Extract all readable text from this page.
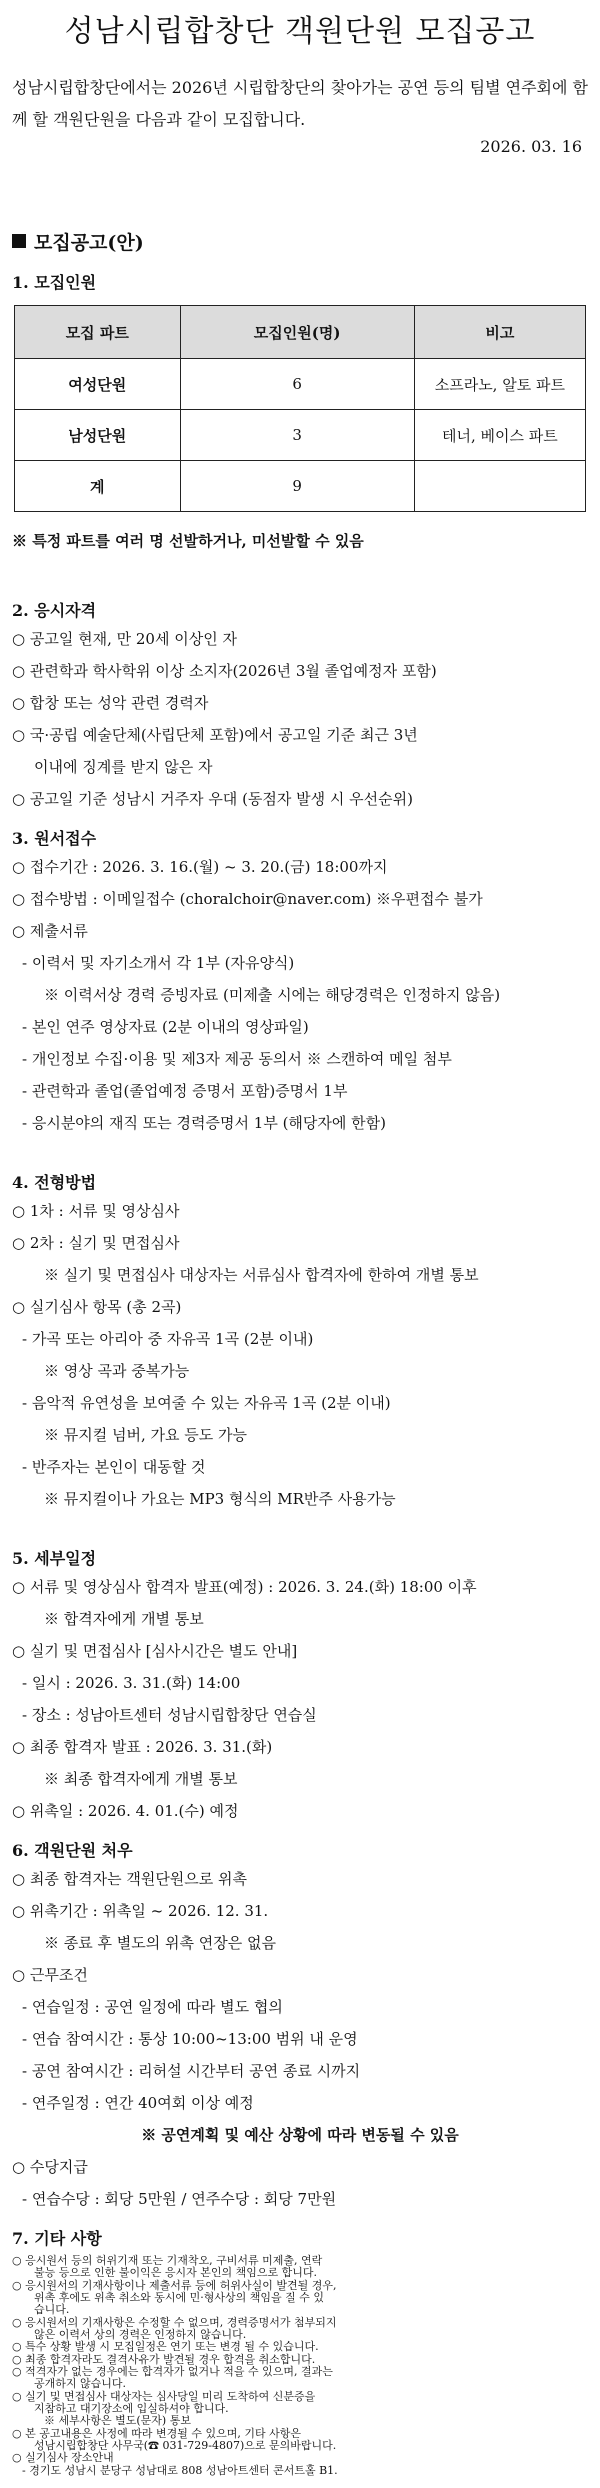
성남시립합창단 객원단원 모집공고
성남시립합창단에서는 2026년 시립합창단의 찾아가는 공연 등의 팀별 연주회에 함께 할 객원단원을 다음과 같이 모집합니다.
2026. 03. 16
모집공고(안)
1. 모집인원
모집 파트	모집인원(명)	비고
여성단원	6	소프라노, 알토 파트
남성단원	3	테너, 베이스 파트
계	9	
※ 특정 파트를 여러 명 선발하거나, 미선발할 수 있음
2. 응시자격
○ 공고일 현재, 만 20세 이상인 자
○ 관련학과 학사학위 이상 소지자(2026년 3월 졸업예정자 포함)
○ 합창 또는 성악 관련 경력자
○ 국·공립 예술단체(사립단체 포함)에서 공고일 기준 최근 3년
이내에 징계를 받지 않은 자
○ 공고일 기준 성남시 거주자 우대 (동점자 발생 시 우선순위)
3. 원서접수
○ 접수기간 : 2026. 3. 16.(월) ~ 3. 20.(금) 18:00까지
○ 접수방법 : 이메일접수 (choralchoir@naver.com) ※우편접수 불가
○ 제출서류
- 이력서 및 자기소개서 각 1부 (자유양식)
※ 이력서상 경력 증빙자료 (미제출 시에는 해당경력은 인정하지 않음)
- 본인 연주 영상자료 (2분 이내의 영상파일)
- 개인정보 수집·이용 및 제3자 제공 동의서 ※ 스캔하여 메일 첨부
- 관련학과 졸업(졸업예정 증명서 포함)증명서 1부
- 응시분야의 재직 또는 경력증명서 1부 (해당자에 한함)
4. 전형방법
○ 1차 : 서류 및 영상심사
○ 2차 : 실기 및 면접심사
※ 실기 및 면접심사 대상자는 서류심사 합격자에 한하여 개별 통보
○ 실기심사 항목 (총 2곡)
- 가곡 또는 아리아 중 자유곡 1곡 (2분 이내)
※ 영상 곡과 중복가능
- 음악적 유연성을 보여줄 수 있는 자유곡 1곡 (2분 이내)
※ 뮤지컬 넘버, 가요 등도 가능
- 반주자는 본인이 대동할 것
※ 뮤지컬이나 가요는 MP3 형식의 MR반주 사용가능
5. 세부일정
○ 서류 및 영상심사 합격자 발표(예정) : 2026. 3. 24.(화) 18:00 이후
※ 합격자에게 개별 통보
○ 실기 및 면접심사 [심사시간은 별도 안내]
- 일시 : 2026. 3. 31.(화) 14:00
- 장소 : 성남아트센터 성남시립합창단 연습실
○ 최종 합격자 발표 : 2026. 3. 31.(화)
※ 최종 합격자에게 개별 통보
○ 위촉일 : 2026. 4. 01.(수) 예정
6. 객원단원 처우
○ 최종 합격자는 객원단원으로 위촉
○ 위촉기간 : 위촉일 ~ 2026. 12. 31.
※ 종료 후 별도의 위촉 연장은 없음
○ 근무조건
- 연습일정 : 공연 일정에 따라 별도 협의
- 연습 참여시간 : 통상 10:00~13:00 범위 내 운영
- 공연 참여시간 : 리허설 시간부터 공연 종료 시까지
- 연주일정 : 연간 40여회 이상 예정
※ 공연계획 및 예산 상황에 따라 변동될 수 있음
○ 수당지급
- 연습수당 : 회당 5만원 / 연주수당 : 회당 7만원
7. 기타 사항
○ 응시원서 등의 허위기재 또는 기재착오, 구비서류 미제출, 연락
불능 등으로 인한 불이익은 응시자 본인의 책임으로 합니다.
○ 응시원서의 기재사항이나 제출서류 등에 허위사실이 발견될 경우,
위촉 후에도 위촉 취소와 동시에 민·형사상의 책임을 질 수 있
습니다.
○ 응시원서의 기재사항은 수정할 수 없으며, 경력증명서가 첨부되지
않은 이력서 상의 경력은 인정하지 않습니다.
○ 특수 상황 발생 시 모집일정은 연기 또는 변경 될 수 있습니다.
○ 최종 합격자라도 결격사유가 발견될 경우 합격을 취소합니다.
○ 적격자가 없는 경우에는 합격자가 없거나 적을 수 있으며, 결과는
공개하지 않습니다.
○ 실기 및 면접심사 대상자는 심사당일 미리 도착하여 신분증을
지참하고 대기장소에 입실하셔야 합니다.
※ 세부사항은 별도(문자) 통보
○ 본 공고내용은 사정에 따라 변경될 수 있으며, 기타 사항은
성남시립합창단 사무국(☎ 031-729-4807)으로 문의바랍니다.
○ 실기심사 장소안내
- 경기도 성남시 분당구 성남대로 808 성남아트센터 콘서트홀 B1.
